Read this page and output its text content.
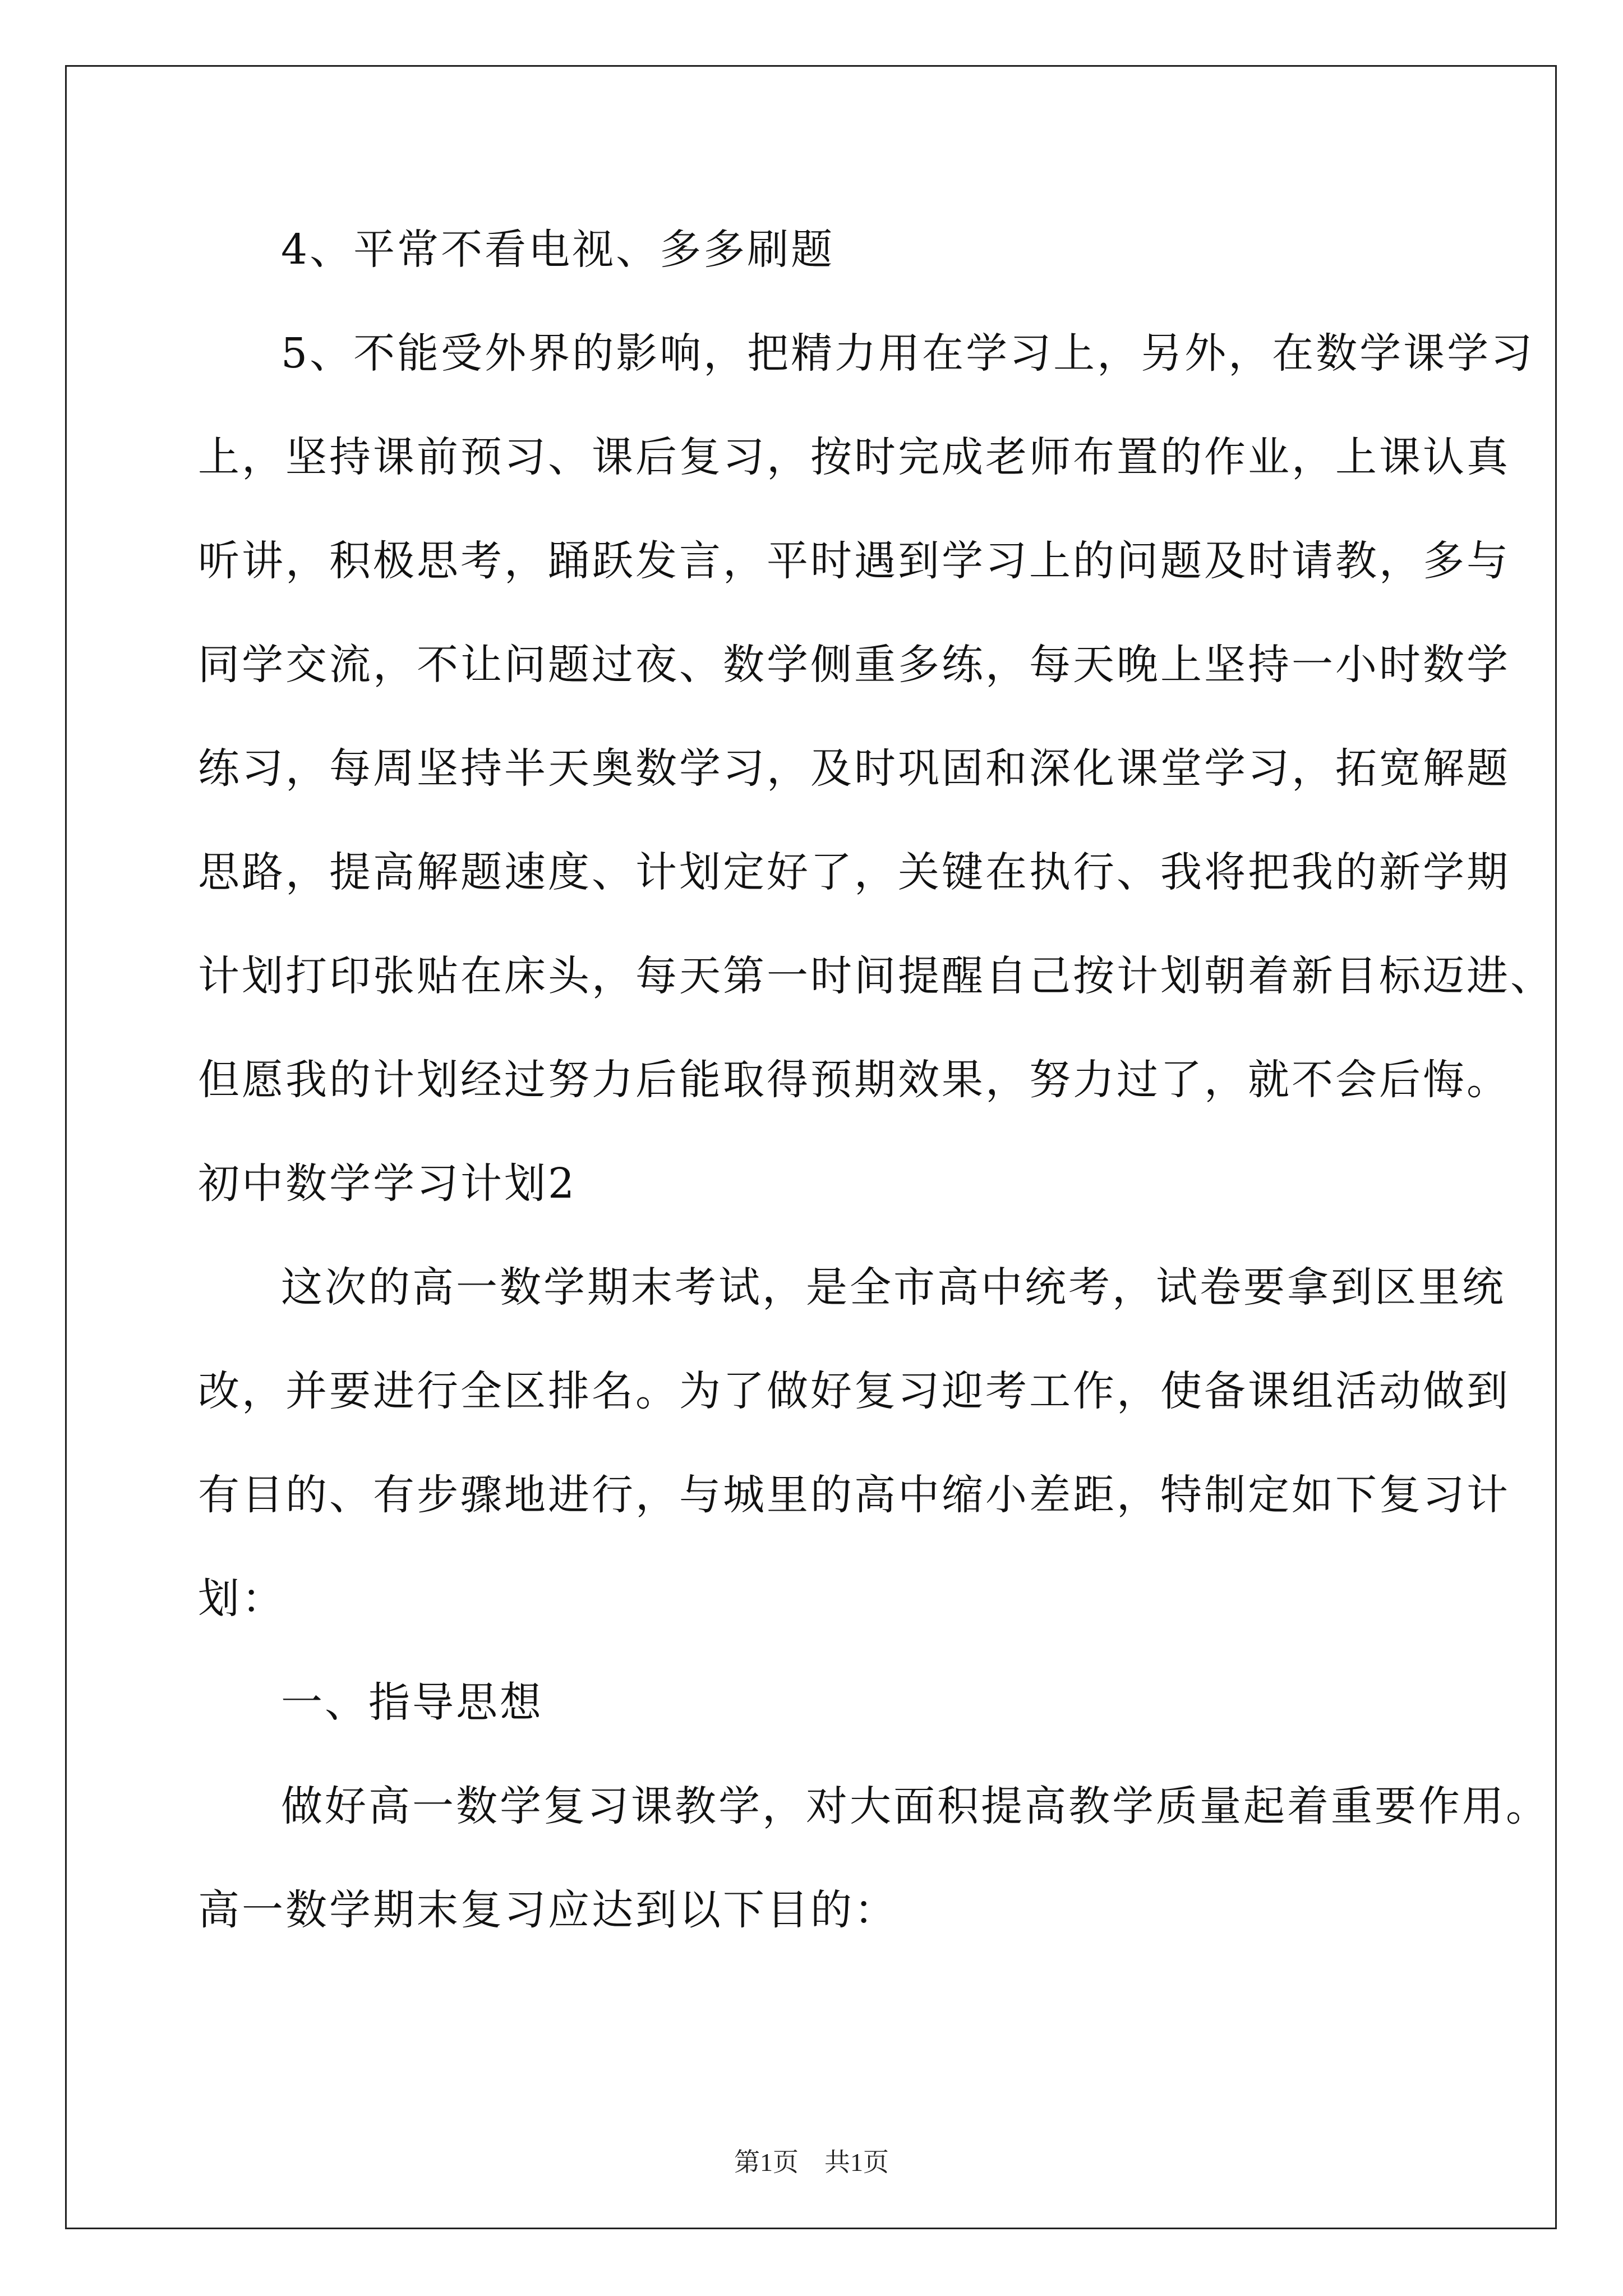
4、平常不看电视、多多刷题
5、不能受外界的影响，把精力用在学习上，另外，在数学课学习
上，坚持课前预习、课后复习，按时完成老师布置的作业，上课认真
听讲，积极思考，踊跃发言，平时遇到学习上的问题及时请教，多与
同学交流，不让问题过夜、数学侧重多练，每天晚上坚持一小时数学
练习，每周坚持半天奥数学习，及时巩固和深化课堂学习，拓宽解题
思路，提高解题速度、计划定好了，关键在执行、我将把我的新学期
计划打印张贴在床头，每天第一时间提醒自己按计划朝着新目标迈进、
但愿我的计划经过努力后能取得预期效果，努力过了，就不会后悔。
初中数学学习计划2
这次的高一数学期末考试，是全市高中统考，试卷要拿到区里统
改，并要进行全区排名。为了做好复习迎考工作，使备课组活动做到
有目的、有步骤地进行，与城里的高中缩小差距，特制定如下复习计
划：
一、指导思想
做好高一数学复习课教学，对大面积提高教学质量起着重要作用。
高一数学期末复习应达到以下目的：
第1页　共1页
